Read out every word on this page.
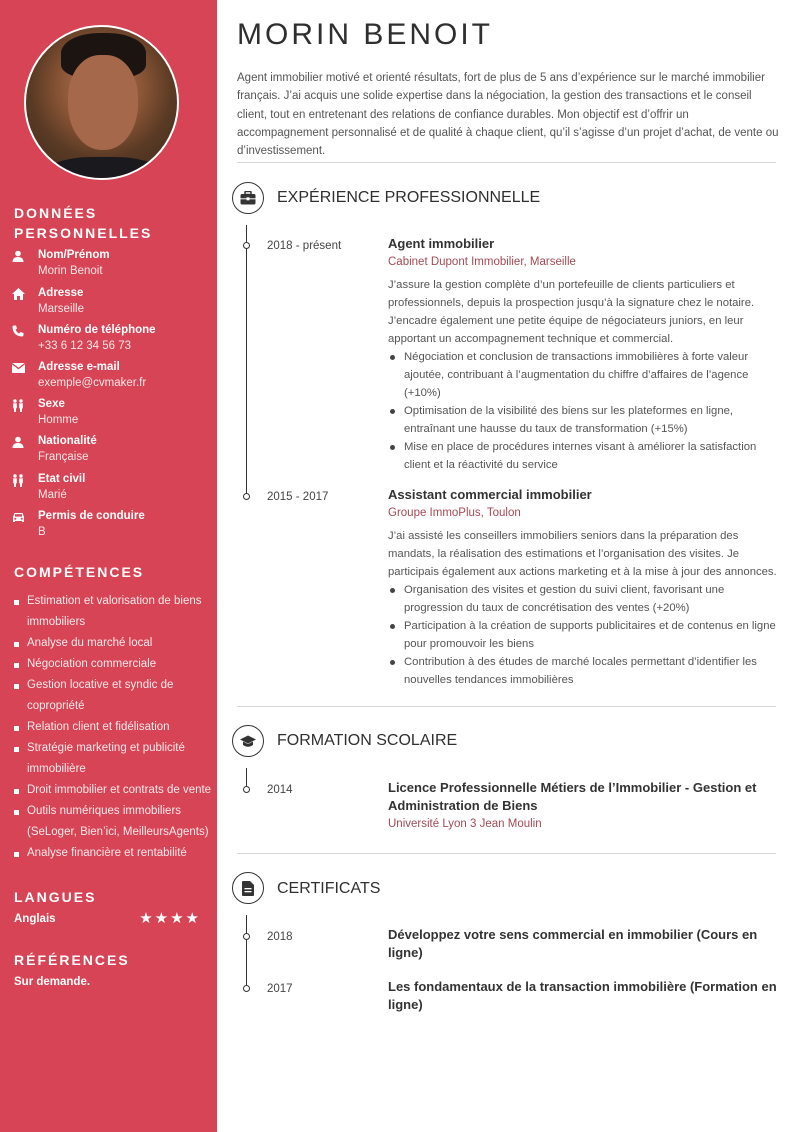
DONNÉES
PERSONNELLES
Nom/Prénom
Morin Benoit
Adresse
Marseille
Numéro de téléphone
+33 6 12 34 56 73
Adresse e-mail
exemple@cvmaker.fr
Sexe
Homme
Nationalité
Française
Etat civil
Marié
Permis de conduire
B
COMPÉTENCES
Estimation et valorisation de biens immobiliers
Analyse du marché local
Négociation commerciale
Gestion locative et syndic de copropriété
Relation client et fidélisation
Stratégie marketing et publicité immobilière
Droit immobilier et contrats de vente
Outils numériques immobiliers (SeLoger, Bien’ici, MeilleursAgents)
Analyse financière et rentabilité
LANGUES
Anglais	★★★★
RÉFÉRENCES
Sur demande.
MORIN BENOIT

Agent immobilier motivé et orienté résultats, fort de plus de 5 ans d’expérience sur le marché immobilier français. J’ai acquis une solide expertise dans la négociation, la gestion des transactions et le conseil client, tout en entretenant des relations de confiance durables. Mon objectif est d’offrir un accompagnement personnalisé et de qualité à chaque client, qu’il s’agisse d’un projet d’achat, de vente ou d’investissement.

EXPÉRIENCE PROFESSIONNELLE
2018 - présent	Agent immobilier
Cabinet Dupont Immobilier, Marseille
J’assure la gestion complète d’un portefeuille de clients particuliers et professionnels, depuis la prospection jusqu’à la signature chez le notaire. J’encadre également une petite équipe de négociateurs juniors, en leur apportant un accompagnement technique et commercial.
Négociation et conclusion de transactions immobilières à forte valeur ajoutée, contribuant à l’augmentation du chiffre d’affaires de l’agence (+10%)
Optimisation de la visibilité des biens sur les plateformes en ligne, entraînant une hausse du taux de transformation (+15%)
Mise en place de procédures internes visant à améliorer la satisfaction client et la réactivité du service
2015 - 2017	Assistant commercial immobilier
Groupe ImmoPlus, Toulon
J’ai assisté les conseillers immobiliers seniors dans la préparation des mandats, la réalisation des estimations et l’organisation des visites. Je participais également aux actions marketing et à la mise à jour des annonces.
Organisation des visites et gestion du suivi client, favorisant une progression du taux de concrétisation des ventes (+20%)
Participation à la création de supports publicitaires et de contenus en ligne pour promouvoir les biens
Contribution à des études de marché locales permettant d’identifier les nouvelles tendances immobilières
FORMATION SCOLAIRE
2014	Licence Professionnelle Métiers de l’Immobilier - Gestion et Administration de Biens
Université Lyon 3 Jean Moulin
CERTIFICATS
2018	Développez votre sens commercial en immobilier (Cours en ligne)
2017	Les fondamentaux de la transaction immobilière (Formation en ligne)
